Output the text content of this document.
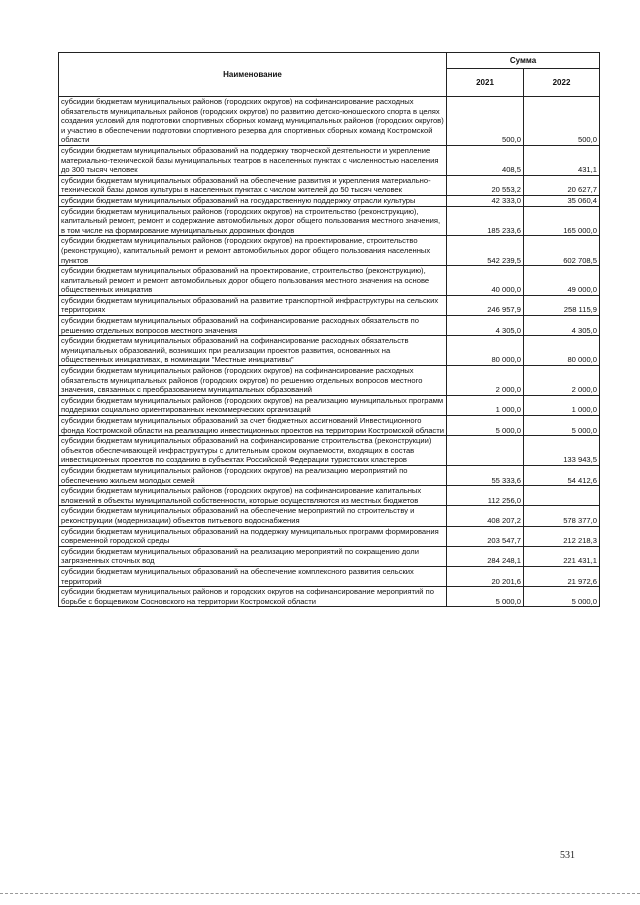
Наименование	Сумма	
	2021	2022
субсидии бюджетам муниципальных районов (городских округов) на софинансирование расходных обязательств муниципальных районов (городских округов) по развитию детско-юношеского спорта в целях создания условий для подготовки спортивных сборных команд муниципальных районов (городских округов) и участию в обеспечении подготовки спортивного резерва для спортивных сборных команд Костромской области	500,0	500,0
субсидии бюджетам муниципальных образований на поддержку творческой деятельности и укрепление материально-технической базы муниципальных театров в населенных пунктах с численностью населения до 300 тысяч человек	408,5	431,1
субсидии бюджетам муниципальных образований на обеспечение развития и укрепления материально-технической базы домов культуры в населенных пунктах с числом жителей до 50 тысяч человек	20 553,2	20 627,7
субсидии бюджетам муниципальных образований на государственную поддержку отрасли культуры	42 333,0	35 060,4
субсидии бюджетам муниципальных районов (городских округов) на строительство (реконструкцию), капитальный ремонт, ремонт и содержание автомобильных дорог общего пользования местного значения, в том числе на формирование муниципальных дорожных фондов	185 233,6	165 000,0
субсидии бюджетам муниципальных районов (городских округов) на проектирование, строительство (реконструкцию), капитальный ремонт и ремонт автомобильных дорог общего пользования населенных пунктов	542 239,5	602 708,5
субсидии бюджетам муниципальных образований на проектирование, строительство (реконструкцию), капитальный ремонт и ремонт автомобильных дорог общего пользования местного значения на основе общественных инициатив	40 000,0	49 000,0
субсидии бюджетам муниципальных образований на развитие транспортной инфраструктуры на сельских территориях	246 957,9	258 115,9
субсидии бюджетам муниципальных образований на софинансирование расходных обязательств по решению отдельных вопросов местного значения	4 305,0	4 305,0
субсидии бюджетам муниципальных образований на софинансирование расходных обязательств муниципальных образований, возникших при реализации проектов развития, основанных на общественных инициативах, в номинации "Местные инициативы"	80 000,0	80 000,0
субсидии бюджетам муниципальных районов (городских округов) на софинансирование расходных обязательств муниципальных районов (городских округов) по решению отдельных вопросов местного значения, связанных с преобразованием муниципальных образований	2 000,0	2 000,0
субсидии бюджетам муниципальных районов (городских округов) на реализацию муниципальных программ поддержки социально ориентированных некоммерческих организаций	1 000,0	1 000,0
субсидии бюджетам муниципальных образований за счет бюджетных ассигнований Инвестиционного фонда Костромской области на реализацию инвестиционных проектов на территории Костромской области	5 000,0	5 000,0
субсидии бюджетам муниципальных образований на софинансирование строительства (реконструкции) объектов обеспечивающей инфраструктуры с длительным сроком окупаемости, входящих в состав инвестиционных проектов по созданию в субъектах Российской Федерации туристских кластеров		133 943,5
субсидии бюджетам муниципальных районов (городских округов) на реализацию мероприятий по обеспечению жильем молодых семей	55 333,6	54 412,6
субсидии бюджетам муниципальных районов (городских округов) на софинансирование капитальных вложений в объекты муниципальной собственности, которые осуществляются из местных бюджетов	112 256,0	
субсидии бюджетам муниципальных образований на обеспечение мероприятий по строительству и реконструкции (модернизации) объектов питьевого водоснабжения	408 207,2	578 377,0
субсидии бюджетам муниципальных образований на поддержку муниципальных программ формирования современной городской среды	203 547,7	212 218,3
субсидии бюджетам муниципальных образований на реализацию мероприятий по сокращению доли загрязненных сточных вод	284 248,1	221 431,1
субсидии бюджетам муниципальных образований на обеспечение комплексного развития сельских территорий	20 201,6	21 972,6
субсидии бюджетам муниципальных районов и городских округов на софинансирование мероприятий по борьбе с борщевиком Сосновского на территории Костромской области	5 000,0	5 000,0
531
